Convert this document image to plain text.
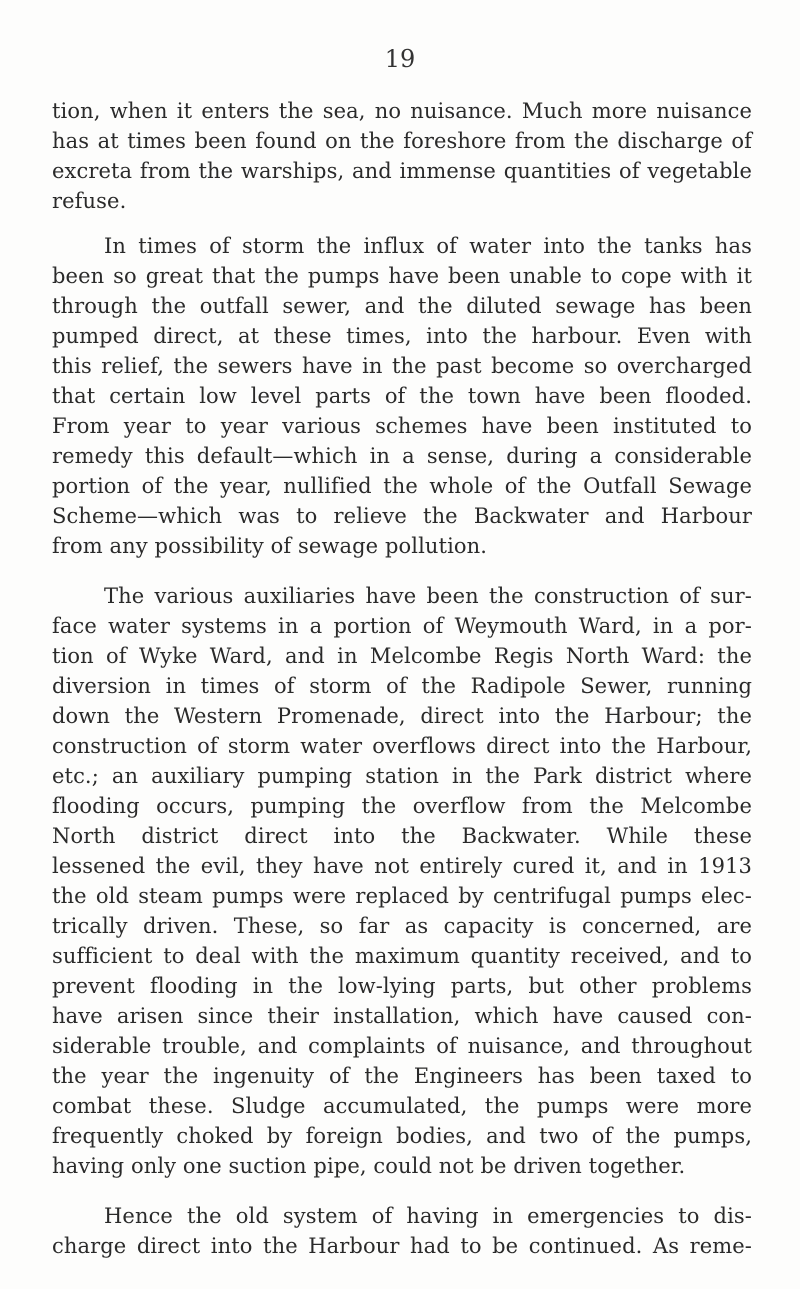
19
tion, when it enters the sea, no nuisance. Much more nuisance
has at times been found on the foreshore from the discharge of
excreta from the warships, and immense quantities of vegetable
refuse.
In times of storm the influx of water into the tanks has
been so great that the pumps have been unable to cope with it
through the outfall sewer, and the diluted sewage has been
pumped direct, at these times, into the harbour. Even with
this relief, the sewers have in the past become so overcharged
that certain low level parts of the town have been flooded.
From year to year various schemes have been instituted to
remedy this default—which in a sense, during a considerable
portion of the year, nullified the whole of the Outfall Sewage
Scheme—which was to relieve the Backwater and Harbour
from any possibility of sewage pollution.
The various auxiliaries have been the construction of sur-
face water systems in a portion of Weymouth Ward, in a por-
tion of Wyke Ward, and in Melcombe Regis North Ward: the
diversion in times of storm of the Radipole Sewer, running
down the Western Promenade, direct into the Harbour; the
construction of storm water overflows direct into the Harbour,
etc.; an auxiliary pumping station in the Park district where
flooding occurs, pumping the overflow from the Melcombe
North district direct into the Backwater. While these
lessened the evil, they have not entirely cured it, and in 1913
the old steam pumps were replaced by centrifugal pumps elec-
trically driven. These, so far as capacity is concerned, are
sufficient to deal with the maximum quantity received, and to
prevent flooding in the low-lying parts, but other problems
have arisen since their installation, which have caused con-
siderable trouble, and complaints of nuisance, and throughout
the year the ingenuity of the Engineers has been taxed to
combat these. Sludge accumulated, the pumps were more
frequently choked by foreign bodies, and two of the pumps,
having only one suction pipe, could not be driven together.
Hence the old system of having in emergencies to dis-
charge direct into the Harbour had to be continued. As reme-
